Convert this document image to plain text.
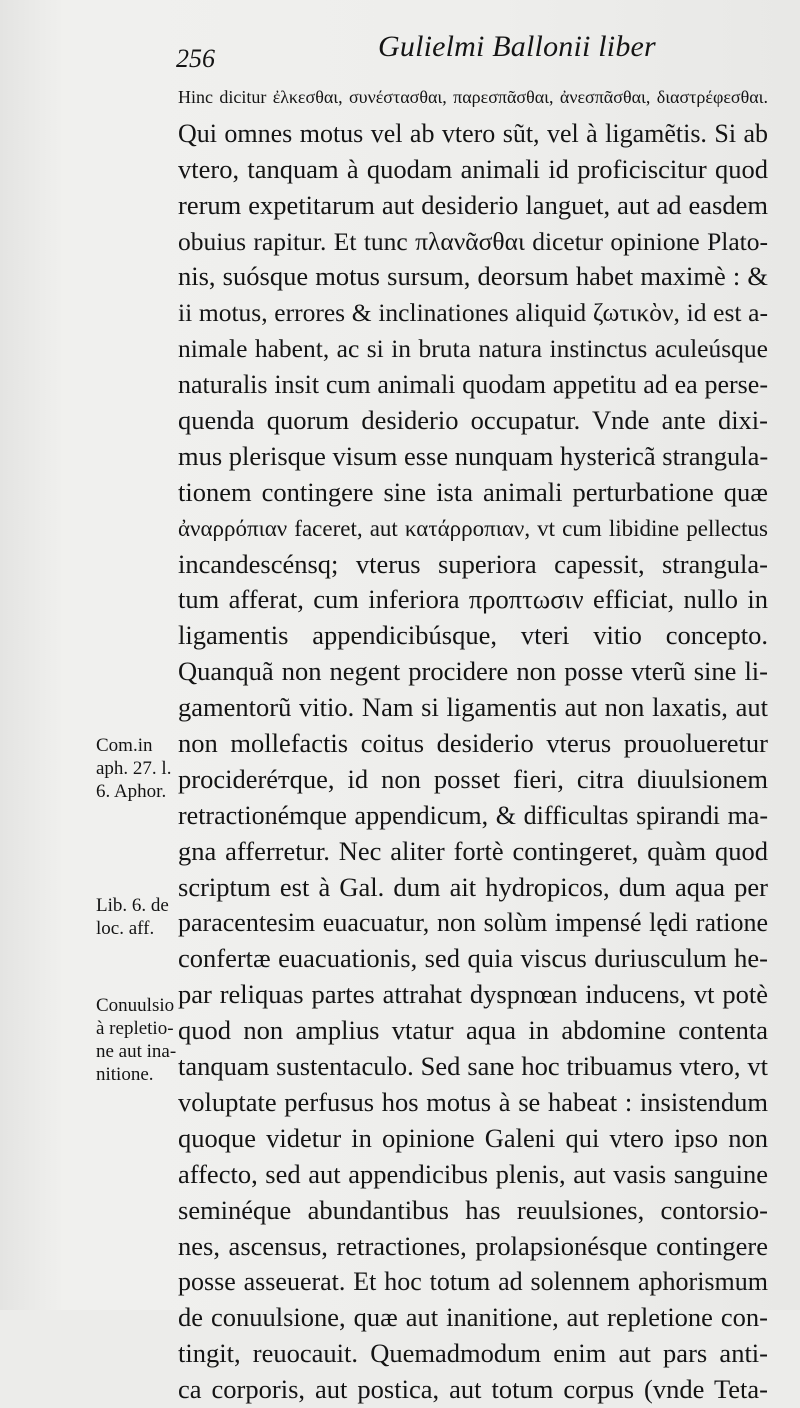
256	Gulielmi Ballonii liber
Hinc dicitur ἐλκεσθαι, συνέστασθαι, παρεσπᾶσθαι, ἀνεσπᾶσθαι, διαστρέφεσθαι.
Qui omnes motus vel ab vtero sũt, vel à ligamẽtis. Si ab
vtero, tanquam à quodam animali id proficiscitur quod
rerum expetitarum aut desiderio languet, aut ad easdem
obuius rapitur. Et tunc πλανᾶσθαι dicetur opinione Plato-
nis, suósque motus sursum, deorsum habet maximè : &
ii motus, errores & inclinationes aliquid ζωτικὸν, id est a-
nimale habent, ac si in bruta natura instinctus aculeúsque
naturalis insit cum animali quodam appetitu ad ea perse-
quenda quorum desiderio occupatur. Vnde ante dixi-
mus plerisque visum esse nunquam hystericã strangula-
tionem contingere sine ista animali perturbatione quæ
ἀναρρόπιαν faceret, aut κατάρροπιαν, vt cum libidine pellectus
incandescénsq; vterus superiora capessit, strangula-
tum afferat, cum inferiora προπτωσιν efficiat, nullo in
ligamentis appendicibúsque, vteri vitio concepto.
Quanquã non negent procidere non posse vterũ sine li-
gamentorũ vitio. Nam si ligamentis aut non laxatis, aut
non mollefactis coitus desiderio vterus prouolueretur
procideréтque, id non posset fieri, citra diuulsionem
retractionémque appendicum, & difficultas spirandi ma-
gna afferretur. Nec aliter fortè contingeret, quàm quod
scriptum est à Gal. dum ait hydropicos, dum aqua per
paracentesim euacuatur, non solùm impensé lędi ratione
confertæ euacuationis, sed quia viscus duriusculum he-
par reliquas partes attrahat dyspnœan inducens, vt potè
quod non amplius vtatur aqua in abdomine contenta
tanquam sustentaculo. Sed sane hoc tribuamus vtero, vt
voluptate perfusus hos motus à se habeat : insistendum
quoque videtur in opinione Galeni qui vtero ipso non
affecto, sed aut appendicibus plenis, aut vasis sanguine
seminéque abundantibus has reuulsiones, contorsio-
nes, ascensus, retractiones, prolapsionésque contingere
posse asseuerat. Et hoc totum ad solennem aphorismum
de conuulsione, quæ aut inanitione, aut repletione con-
tingit, reuocauit. Quemadmodum enim aut pars anti-
ca corporis, aut postica, aut totum corpus (vnde Teta-
Com.in
aph. 27. l.
6. Aphor.
Lib. 6. de
loc. aff.
Conuulsio
à repletio-
ne aut ina-
nitione.
